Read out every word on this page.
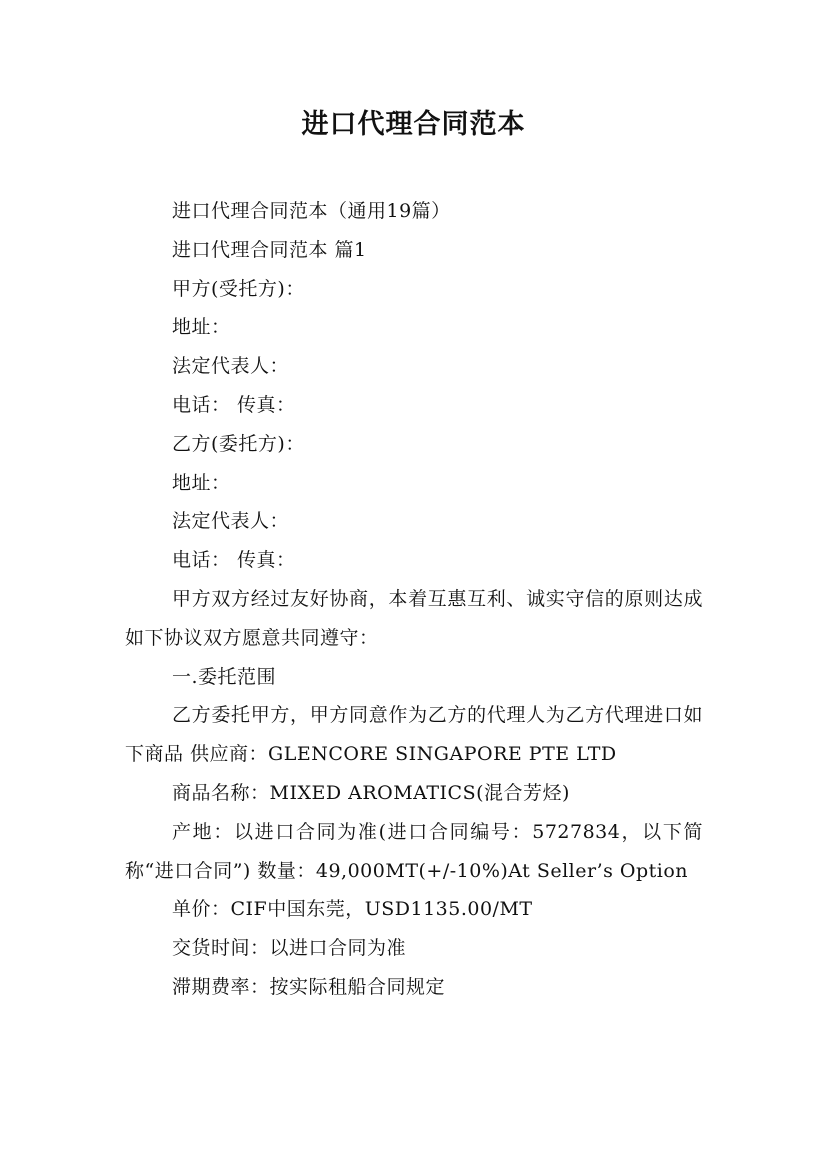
进口代理合同范本

进口代理合同范本（通用19篇）

进口代理合同范本 篇1

甲方(受托方)：

地址：

法定代表人：

电话： 传真：

乙方(委托方)：

地址：

法定代表人：

电话： 传真：

甲方双方经过友好协商，本着互惠互利、诚实守信的原则达成如下协议双方愿意共同遵守：

一.委托范围

乙方委托甲方，甲方同意作为乙方的代理人为乙方代理进口如下商品 供应商：GLENCORE SINGAPORE PTE LTD

商品名称：MIXED AROMATICS(混合芳烃)

产地：以进口合同为准(进口合同编号：5727834，以下简称“进口合同”) 数量：49,000MT(+/-10%)At Seller’s Option

单价：CIF中国东莞，USD1135.00/MT

交货时间：以进口合同为准

滞期费率：按实际租船合同规定
